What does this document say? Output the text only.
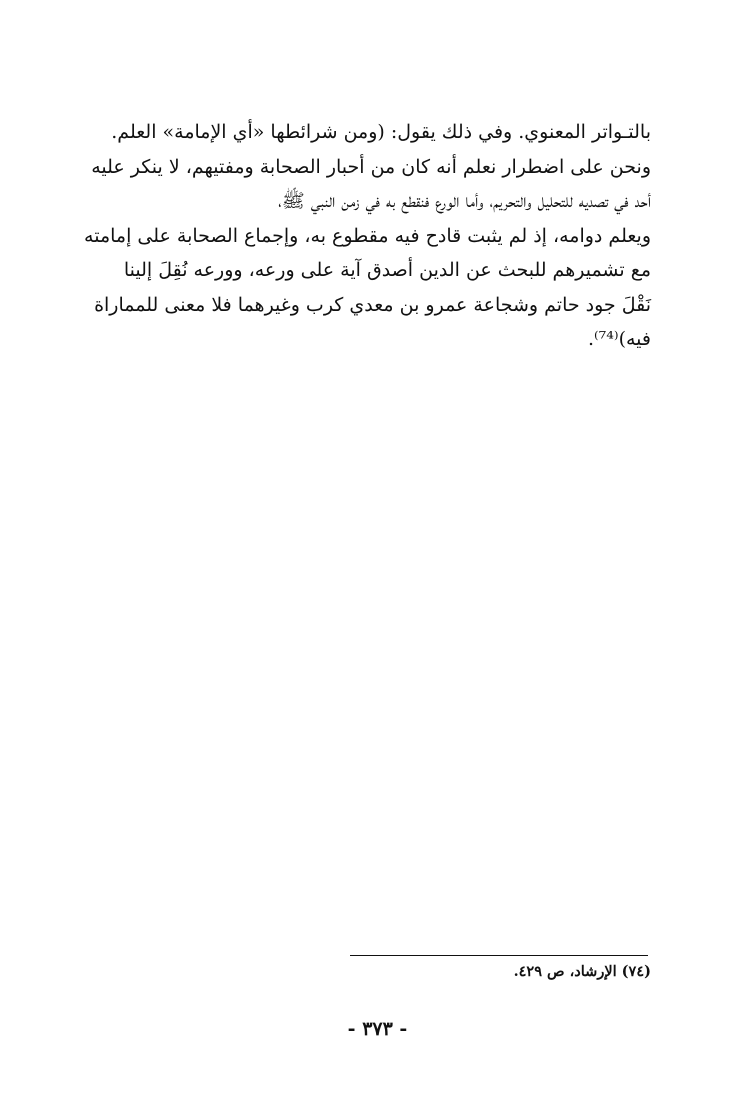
بالتـواتر المعنوي. وفي ذلك يقول: (ومن شرائطها «أي الإمامة» العلم.
ونحن على اضطرار نعلم أنه كان من أحبار الصحابة ومفتيهم، لا ينكر عليه
أحد في تصديه للتحليل والتحريم، وأما الورع فنقطع به في زمن النبي ﷺ،
ويعلم دوامه، إذ لم يثبت قادح فيه مقطوع به، وإجماع الصحابة على إمامته
مع تشميرهم للبحث عن الدين أصدق آية على ورعه، وورعه نُقِلَ إلينا
نَقْلَ جود حاتم وشجاعة عمرو بن معدي كرب وغيرهما فلا معنى للمماراة
فيه)⁽⁷⁴⁾.
(٧٤) الإرشاد، ص ٤٢٩.
- ٣٧٣ -
